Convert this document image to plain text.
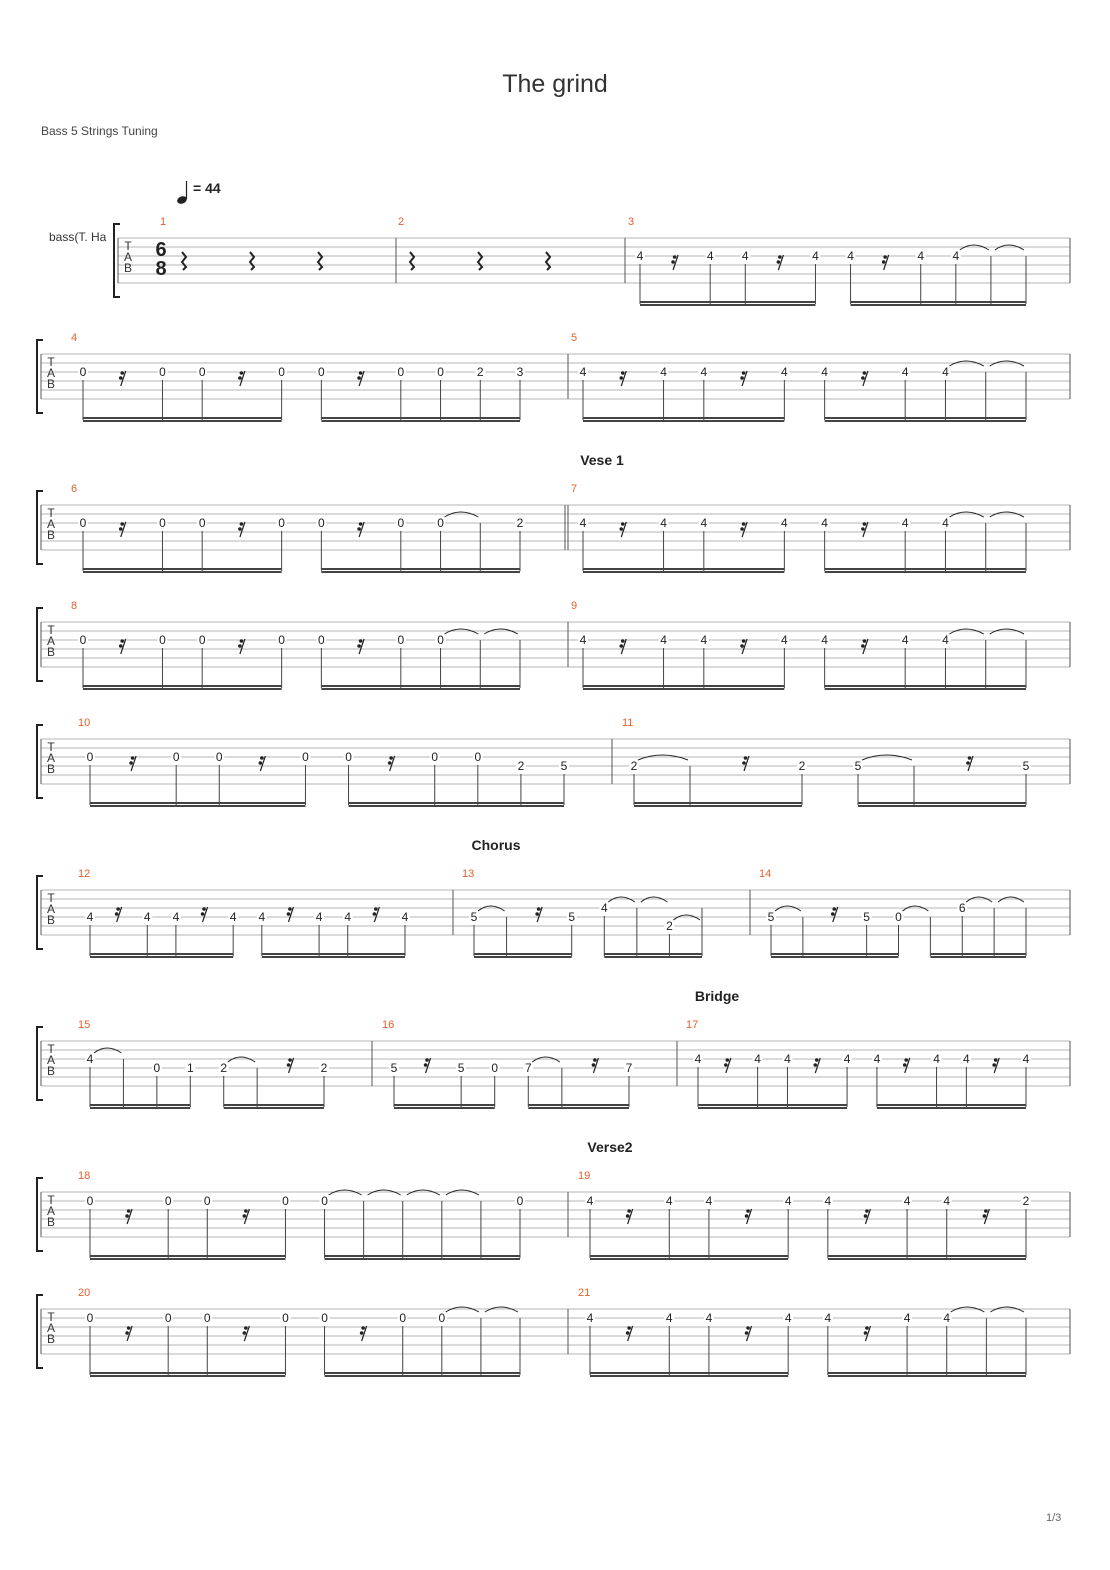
The grind
Bass 5 Strings Tuning
= 44
bass(T. Ha
1/3
T
A
B
6
8
1	2	3
4	4 4	4 4	4 4
T
A
B
4
0	0	0	0	0	0	0	2	3
5
4	4	4	4	4	4	4
T
A
B
Vese 1
6
0	0	0	0	0	0	0	2
7
4	4	4	4	4	4	4
T
A
B
8
0	0	0	0	0	0	0
9
4	4	4	4	4	4	4
T
A
B
10
0	0	0	0	0	0	0
2	5
11
2	2	5	5
T
A
B
Chorus
12
4	4 4	4 4	4 4	4
13
5	5
4
2
14
5	5 0
6
T
A
B
Bridge
15
4
0 1 2	2
16
5	5 0 7	7
17
4	4 4	4 4	4 4	4
T
A
B
Verse2
18
0	0	0	0	0	0
19
4	4	4	4	4	4	4	2
T
A
B
20
0	0	0	0	0	0	0
21
4	4	4	4	4	4	4
